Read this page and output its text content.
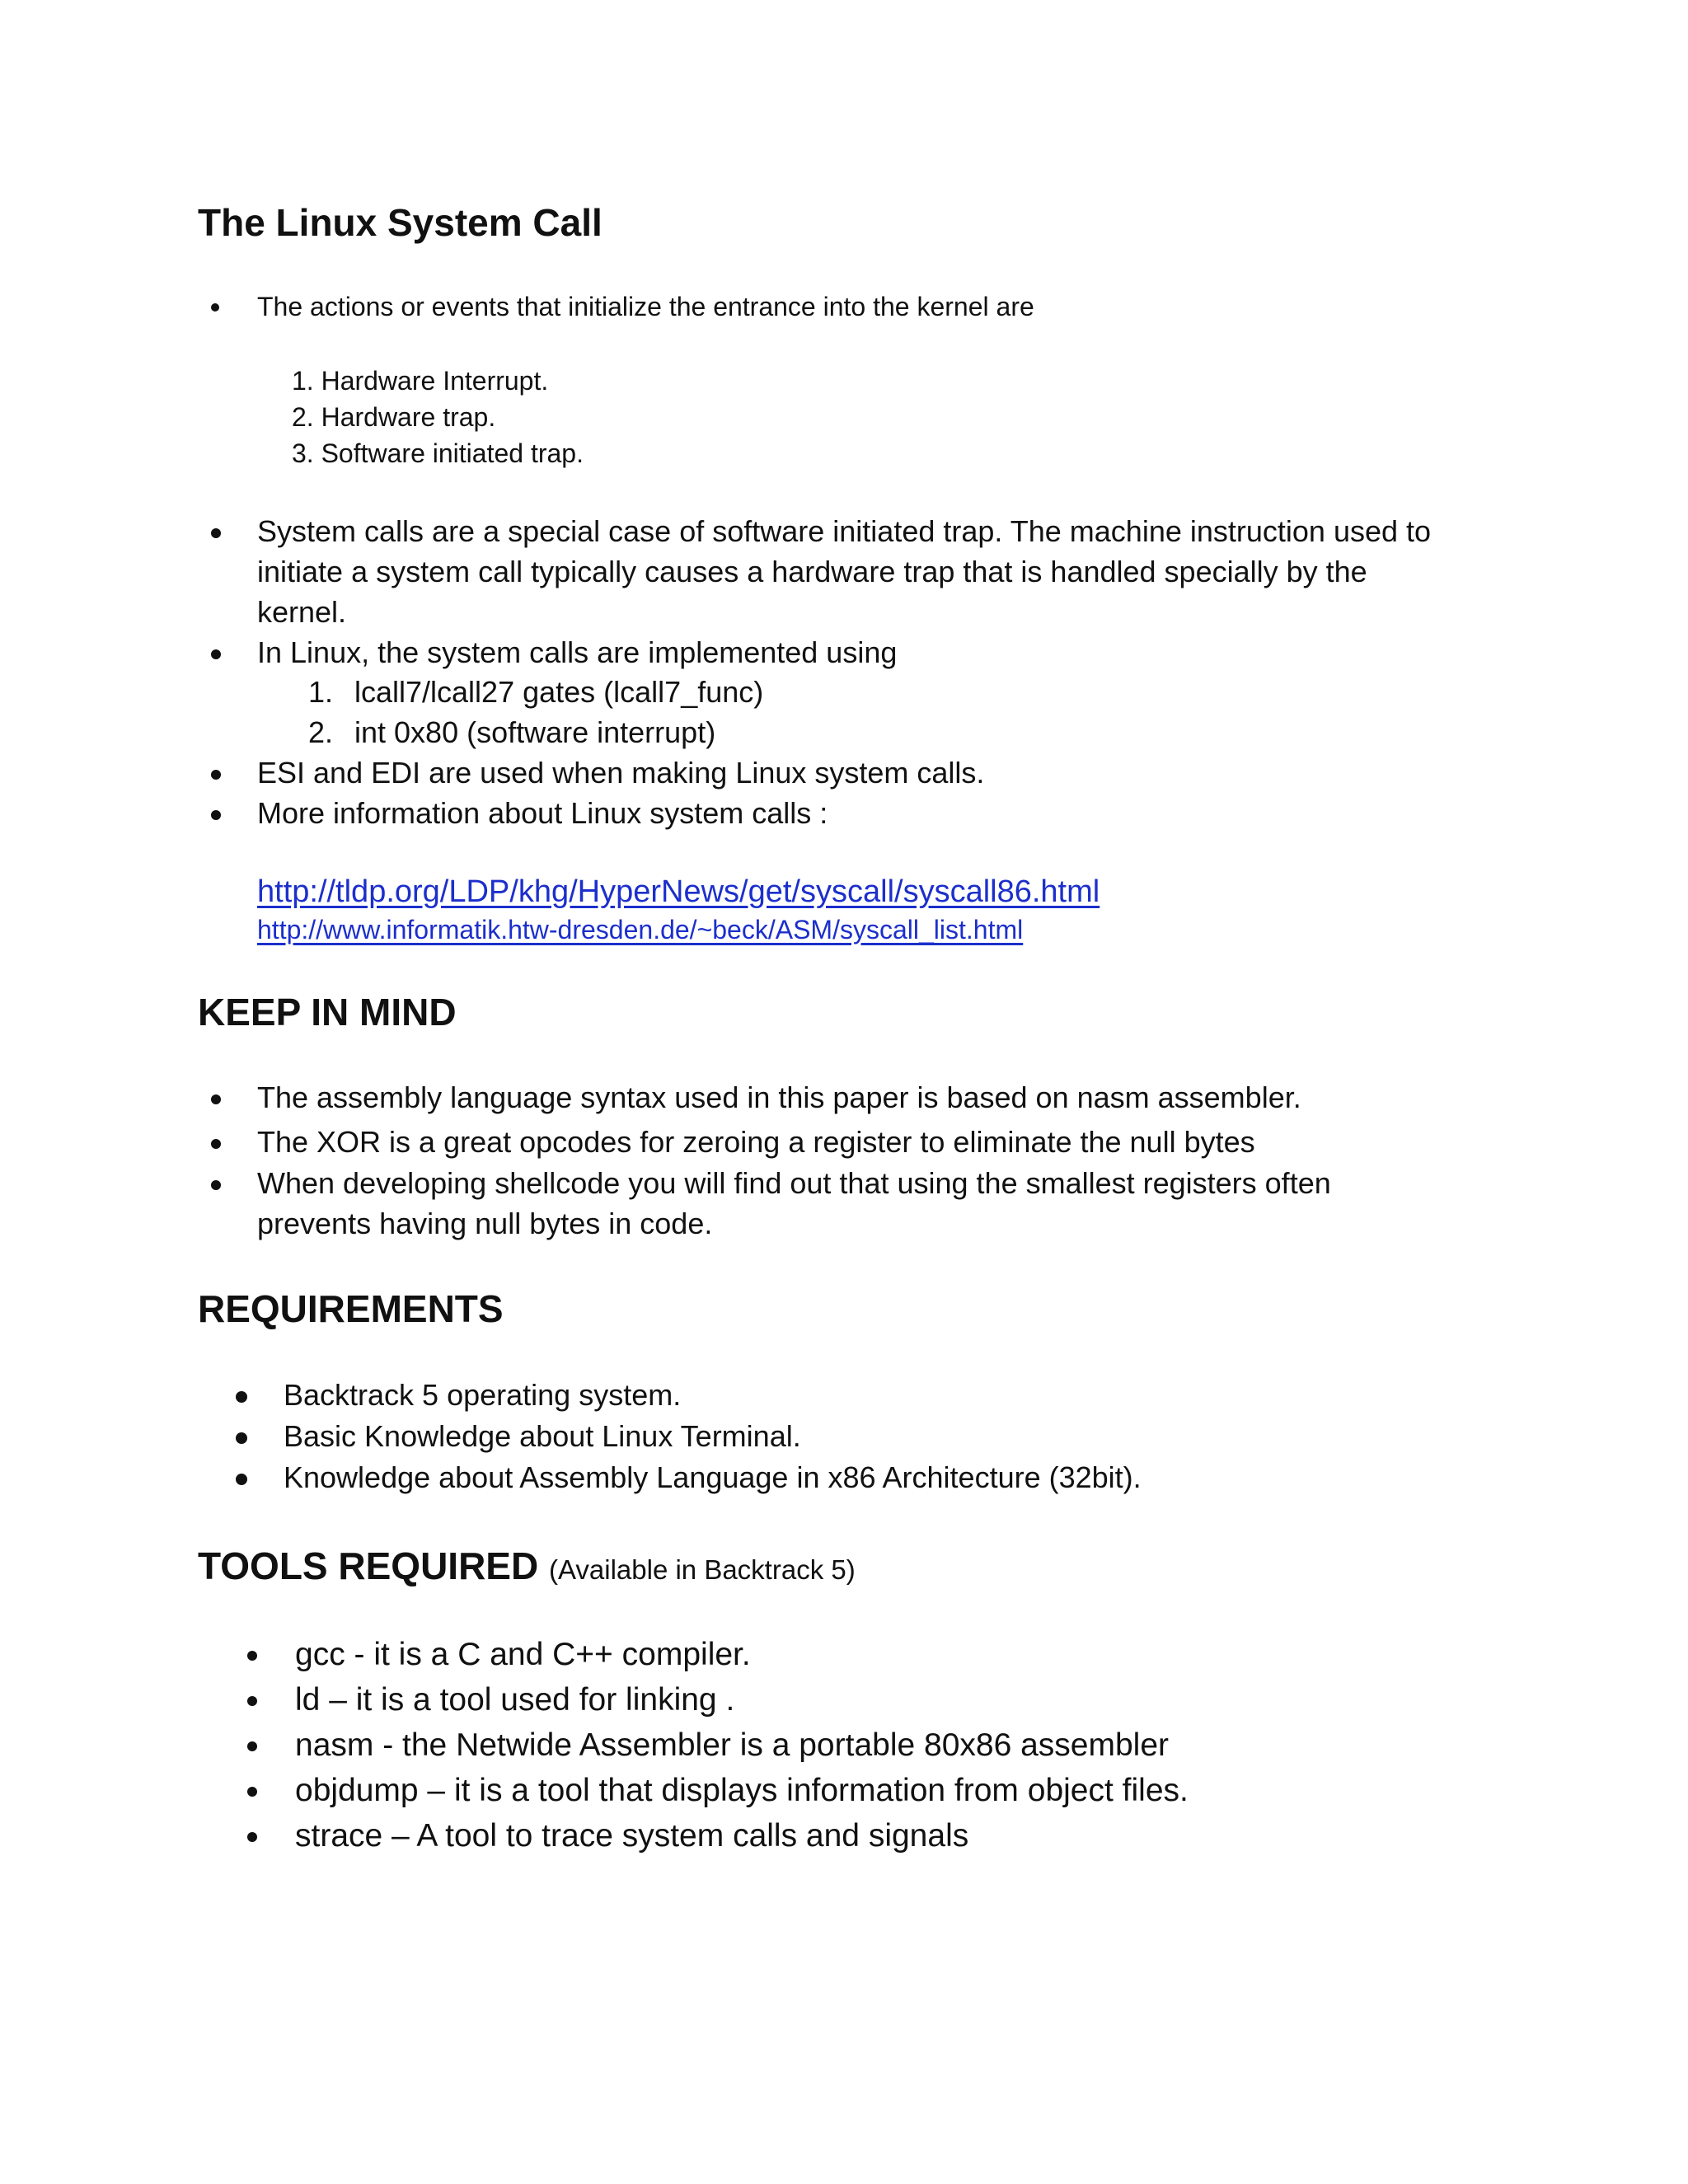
The Linux System Call

The actions or events that initialize the entrance into the kernel are

1. Hardware Interrupt.

2. Hardware trap.

3. Software initiated trap.

System calls are a special case of software initiated trap. The machine instruction used to

initiate a system call typically causes a hardware trap that is handled specially by the

kernel.

In Linux, the system calls are implemented using

1. lcall7/lcall27 gates (lcall7_func)

2. int 0x80 (software interrupt)

ESI and EDI are used when making Linux system calls.

More information about Linux system calls :

http://tldp.org/LDP/khg/HyperNews/get/syscall/syscall86.html
http://www.informatik.htw-dresden.de/~beck/ASM/syscall_list.html
KEEP IN MIND

The assembly language syntax used in this paper is based on nasm assembler.

The XOR is a great opcodes for zeroing a register to eliminate the null bytes

When developing shellcode you will find out that using the smallest registers often

prevents having null bytes in code.

REQUIREMENTS

Backtrack 5 operating system.

Basic Knowledge about Linux Terminal.

Knowledge about Assembly Language in x86 Architecture (32bit).

TOOLS REQUIRED (Available in Backtrack 5)

gcc - it is a C and C++ compiler.

ld – it is a tool used for linking .

nasm - the Netwide Assembler is a portable 80x86 assembler

objdump – it is a tool that displays information from object files.

strace – A tool to trace system calls and signals
